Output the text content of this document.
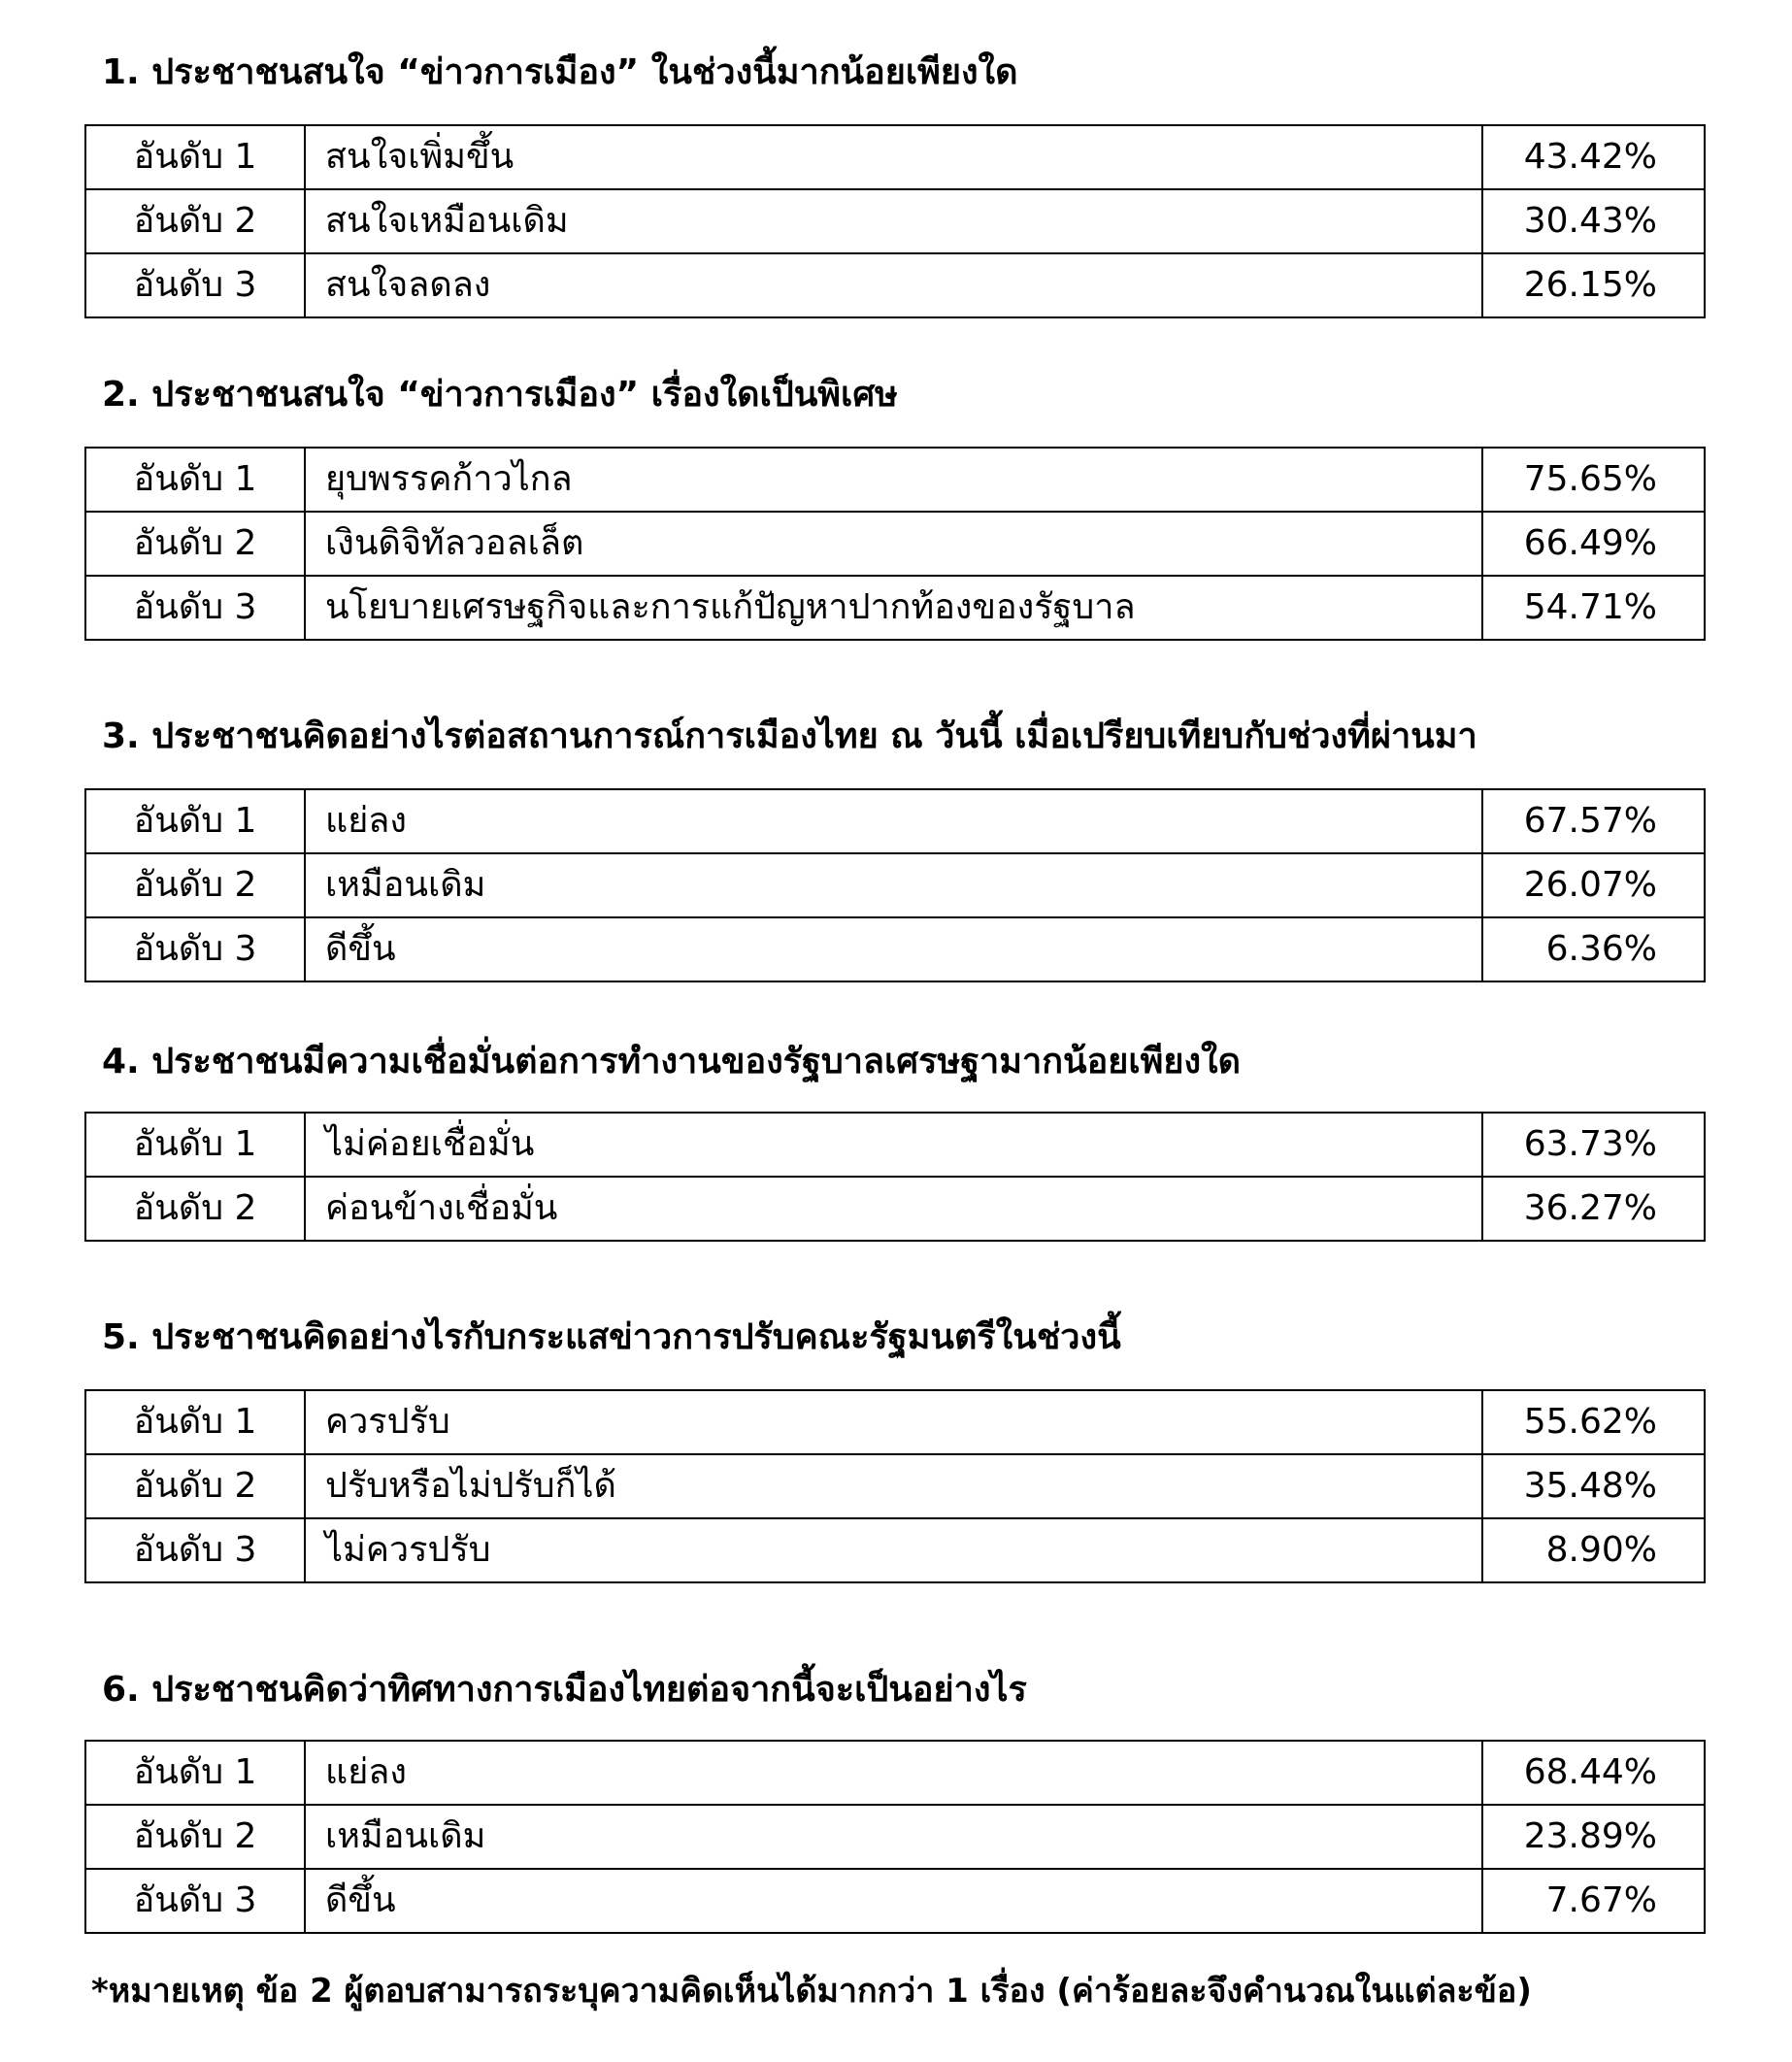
1. ประชาชนสนใจ “ข่าวการเมือง” ในช่วงนี้มากน้อยเพียงใด
อันดับ 1	สนใจเพิ่มขึ้น	43.42%
อันดับ 2	สนใจเหมือนเดิม	30.43%
อันดับ 3	สนใจลดลง	26.15%
2. ประชาชนสนใจ “ข่าวการเมือง” เรื่องใดเป็นพิเศษ
อันดับ 1	ยุบพรรคก้าวไกล	75.65%
อันดับ 2	เงินดิจิทัลวอลเล็ต	66.49%
อันดับ 3	นโยบายเศรษฐกิจและการแก้ปัญหาปากท้องของรัฐบาล	54.71%
3. ประชาชนคิดอย่างไรต่อสถานการณ์การเมืองไทย ณ วันนี้ เมื่อเปรียบเทียบกับช่วงที่ผ่านมา
อันดับ 1	แย่ลง	67.57%
อันดับ 2	เหมือนเดิม	26.07%
อันดับ 3	ดีขึ้น	6.36%
4. ประชาชนมีความเชื่อมั่นต่อการทำงานของรัฐบาลเศรษฐามากน้อยเพียงใด
อันดับ 1	ไม่ค่อยเชื่อมั่น	63.73%
อันดับ 2	ค่อนข้างเชื่อมั่น	36.27%
5. ประชาชนคิดอย่างไรกับกระแสข่าวการปรับคณะรัฐมนตรีในช่วงนี้
อันดับ 1	ควรปรับ	55.62%
อันดับ 2	ปรับหรือไม่ปรับก็ได้	35.48%
อันดับ 3	ไม่ควรปรับ	8.90%
6. ประชาชนคิดว่าทิศทางการเมืองไทยต่อจากนี้จะเป็นอย่างไร
อันดับ 1	แย่ลง	68.44%
อันดับ 2	เหมือนเดิม	23.89%
อันดับ 3	ดีขึ้น	7.67%
*หมายเหตุ ข้อ 2 ผู้ตอบสามารถระบุความคิดเห็นได้มากกว่า 1 เรื่อง (ค่าร้อยละจึงคำนวณในแต่ละข้อ)
